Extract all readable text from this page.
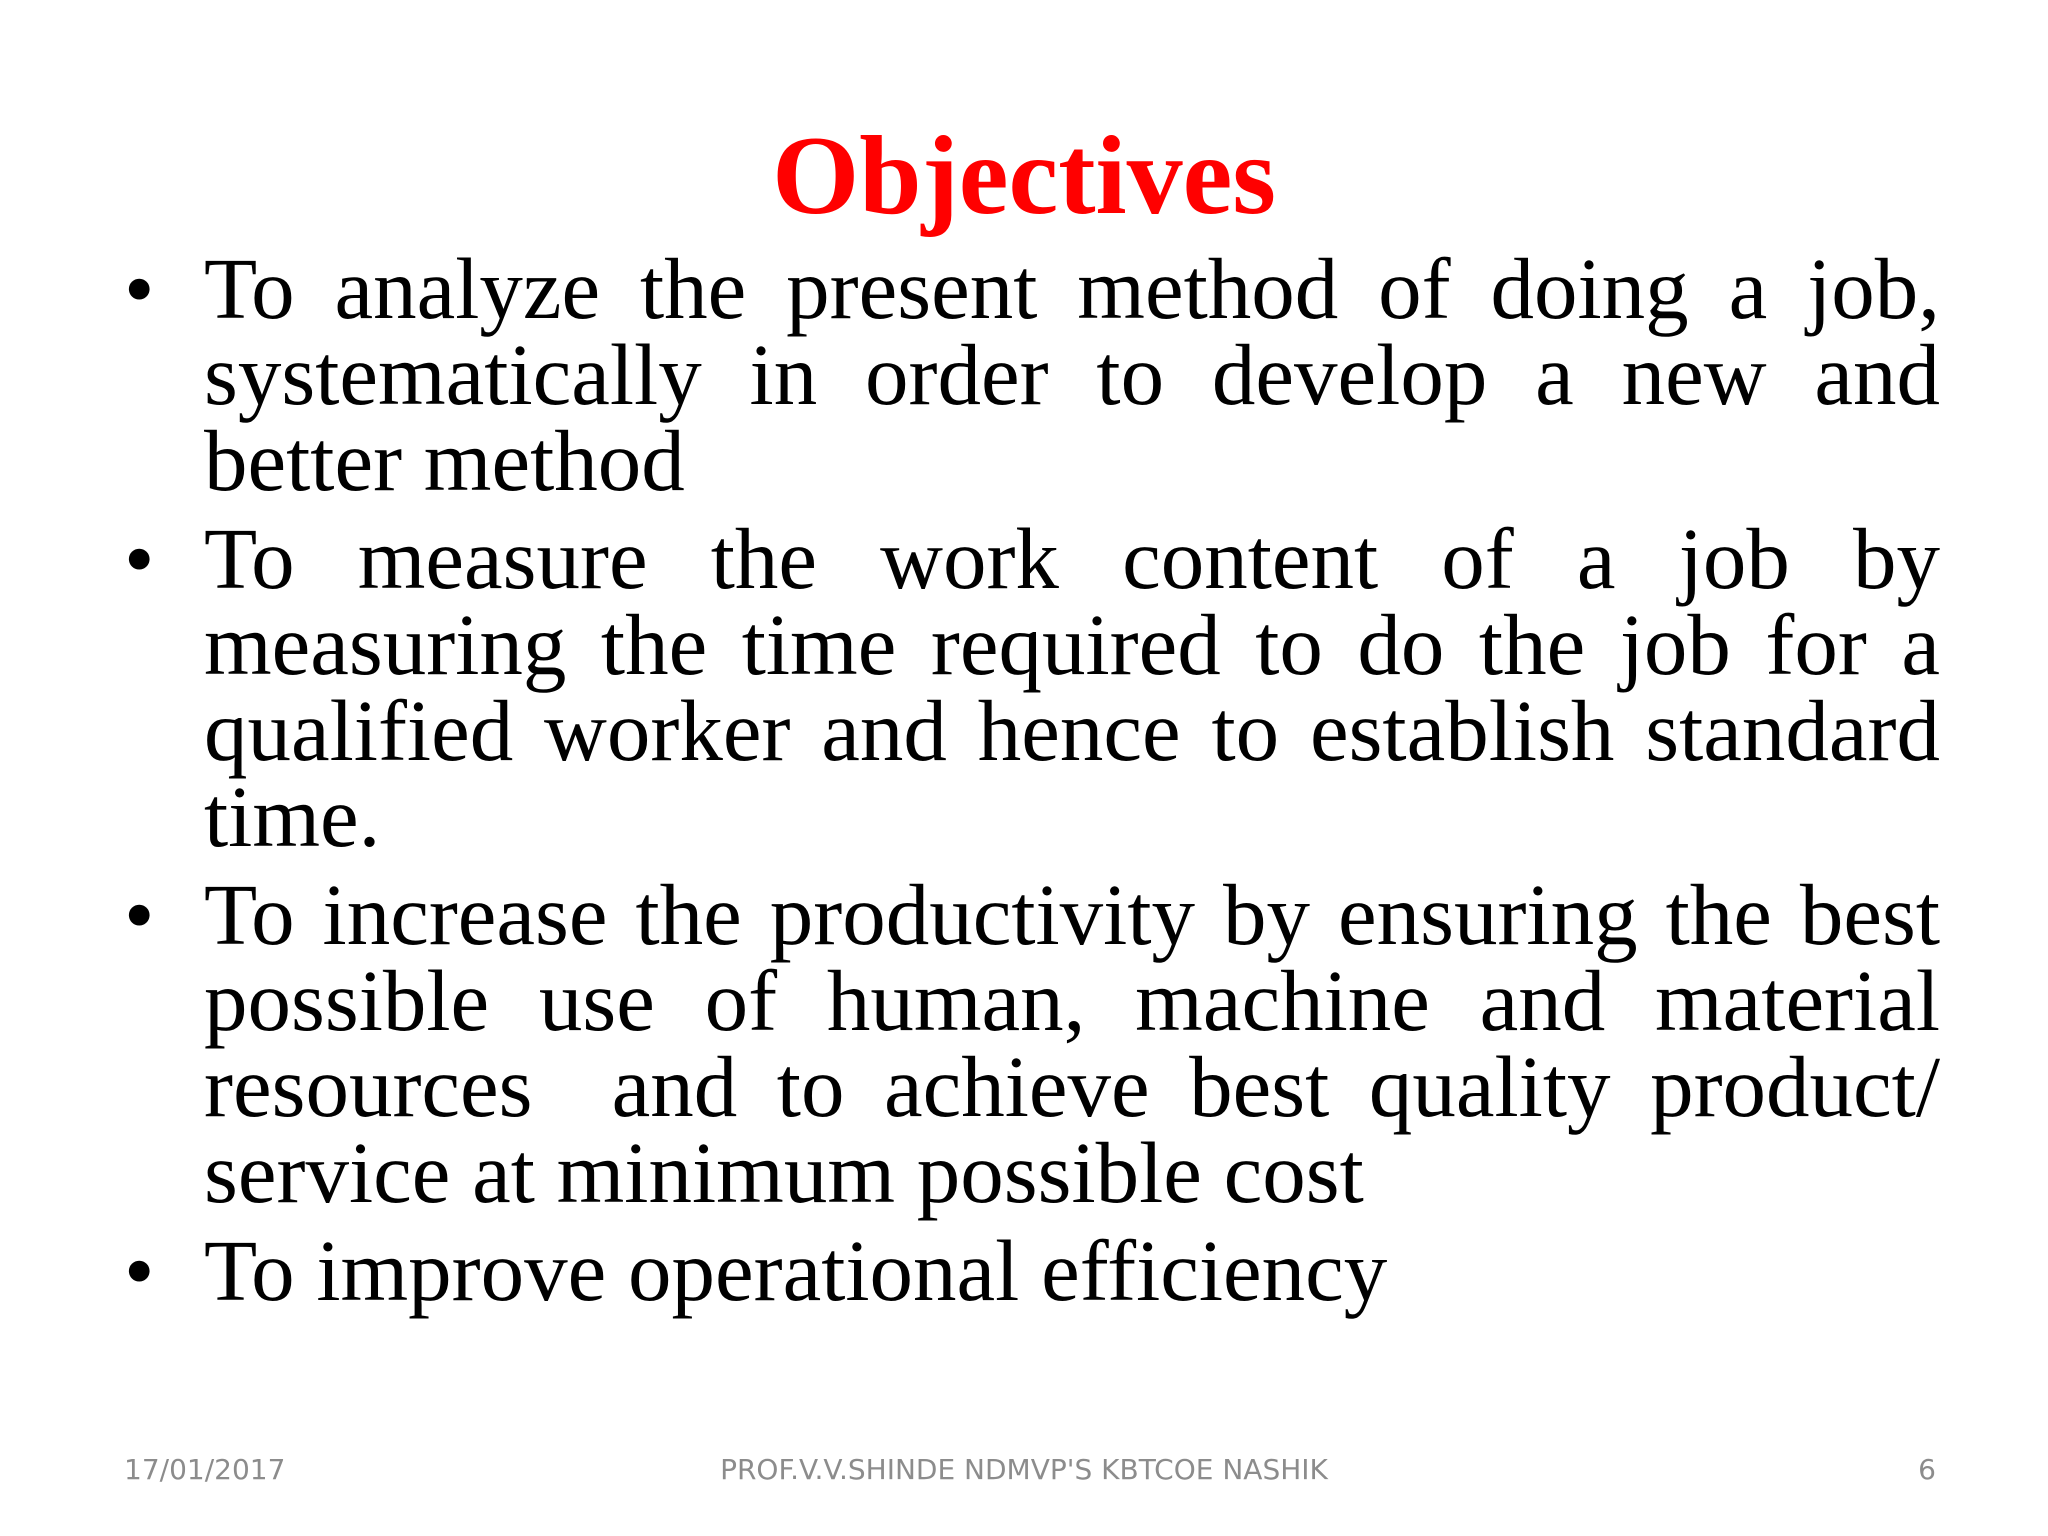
Objectives
• To analyze the present method of doing a job, systematically in order to develop a new and better method
• To measure the work content of a job by measuring the time required to do the job for a qualified worker and hence to establish standard time.
• To increase the productivity by ensuring the best possible use of human, machine and material resources  and to achieve best quality product/ service at minimum possible cost
• To improve operational efficiency
17/01/2017	PROF.V.V.SHINDE NDMVP'S KBTCOE NASHIK	6
